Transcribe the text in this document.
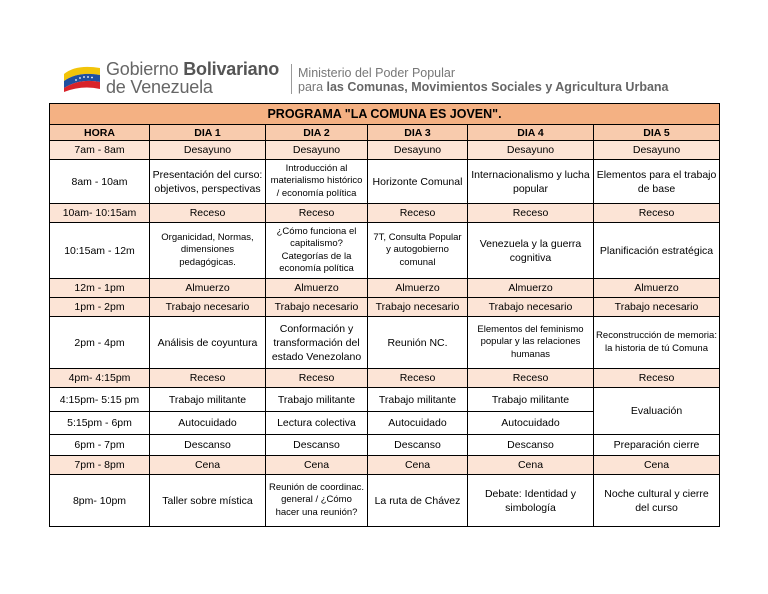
Gobierno Bolivariano
de Venezuela
Ministerio del Poder Popular
para las Comunas, Movimientos Sociales y Agricultura Urbana
PROGRAMA "LA COMUNA ES JOVEN".					
HORA	DIA 1	DIA 2	DIA 3	DIA 4	DIA 5
7am - 8am	Desayuno	Desayuno	Desayuno	Desayuno	Desayuno
8am - 10am	Presentación del curso: objetivos, perspectivas	Introducción al materialismo histórico / economía política	Horizonte Comunal	Internacionalismo y lucha popular	Elementos para el trabajo de base
10am- 10:15am	Receso	Receso	Receso	Receso	Receso
10:15am - 12m	Organicidad, Normas, dimensiones pedagógicas.	¿Cómo funciona el capitalismo? Categorías de la economía política	7T, Consulta Popular y autogobierno comunal	Venezuela y la guerra cognitiva	Planificación estratégica
12m - 1pm	Almuerzo	Almuerzo	Almuerzo	Almuerzo	Almuerzo
1pm - 2pm	Trabajo necesario	Trabajo necesario	Trabajo necesario	Trabajo necesario	Trabajo necesario
2pm - 4pm	Análisis de coyuntura	Conformación y transformación del estado Venezolano	Reunión NC.	Elementos del feminismo popular y las relaciones humanas	Reconstrucción de memoria: la historia de tú Comuna
4pm- 4:15pm	Receso	Receso	Receso	Receso	Receso
4:15pm- 5:15 pm	Trabajo militante	Trabajo militante	Trabajo militante	Trabajo militante	Evaluación
5:15pm - 6pm	Autocuidado	Lectura colectiva	Autocuidado	Autocuidado	
6pm - 7pm	Descanso	Descanso	Descanso	Descanso	Preparación cierre
7pm - 8pm	Cena	Cena	Cena	Cena	Cena
8pm- 10pm	Taller sobre mística	Reunión de coordinac. general / ¿Cómo hacer una reunión?	La ruta de Chávez	Debate: Identidad y simbología	Noche cultural y cierre del curso
